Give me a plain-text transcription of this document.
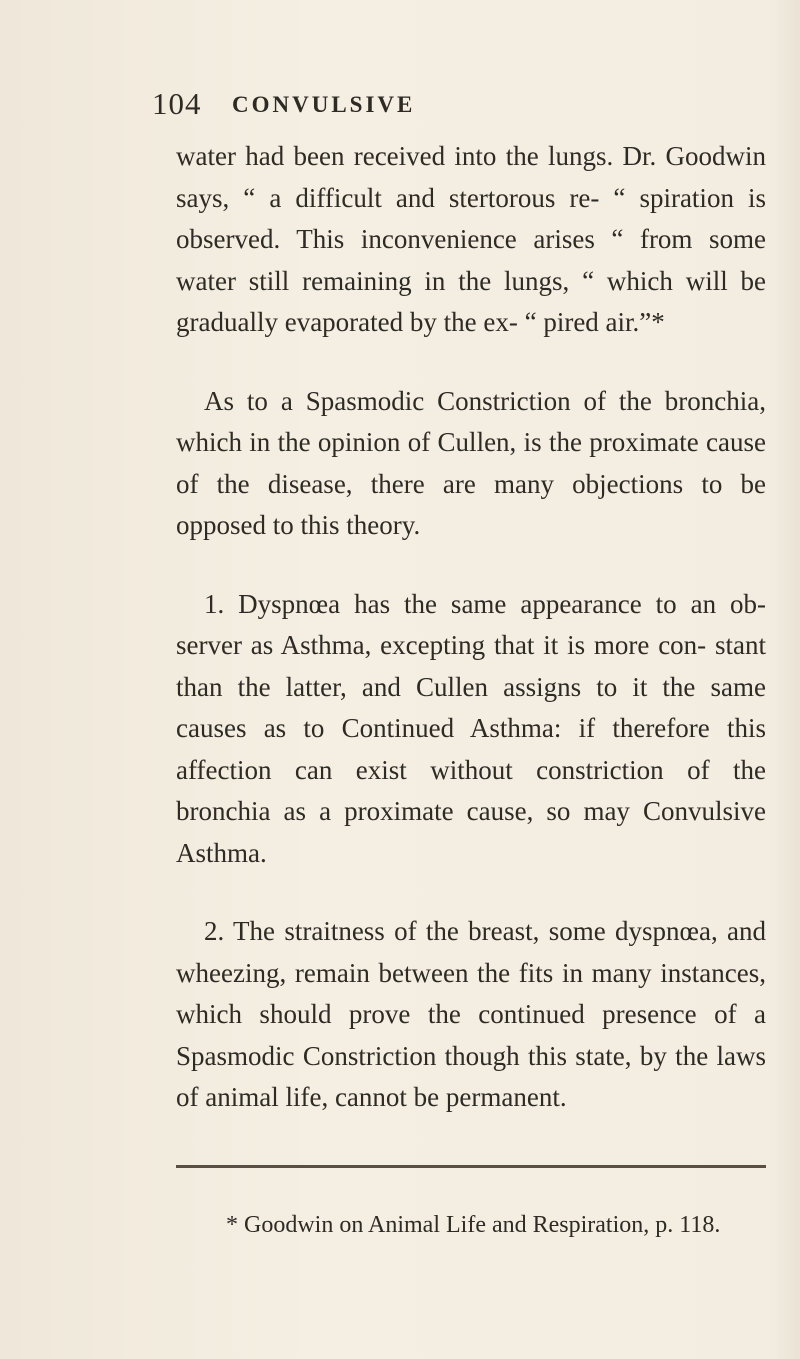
104 CONVULSIVE

water had been received into the lungs. Dr. Goodwin says, “ a difficult and stertorous re- “ spiration is observed. This inconvenience arises “ from some water still remaining in the lungs, “ which will be gradually evaporated by the ex- “ pired air.”*

As to a Spasmodic Constriction of the bronchia, which in the opinion of Cullen, is the proximate cause of the disease, there are many objections to be opposed to this theory.

1. Dyspnœa has the same appearance to an ob- server as Asthma, excepting that it is more con- stant than the latter, and Cullen assigns to it the same causes as to Continued Asthma: if therefore this affection can exist without constriction of the bronchia as a proximate cause, so may Convulsive Asthma.

2. The straitness of the breast, some dyspnœa, and wheezing, remain between the fits in many instances, which should prove the continued presence of a Spasmodic Constriction though this state, by the laws of animal life, cannot be permanent.

* Goodwin on Animal Life and Respiration, p. 118.
